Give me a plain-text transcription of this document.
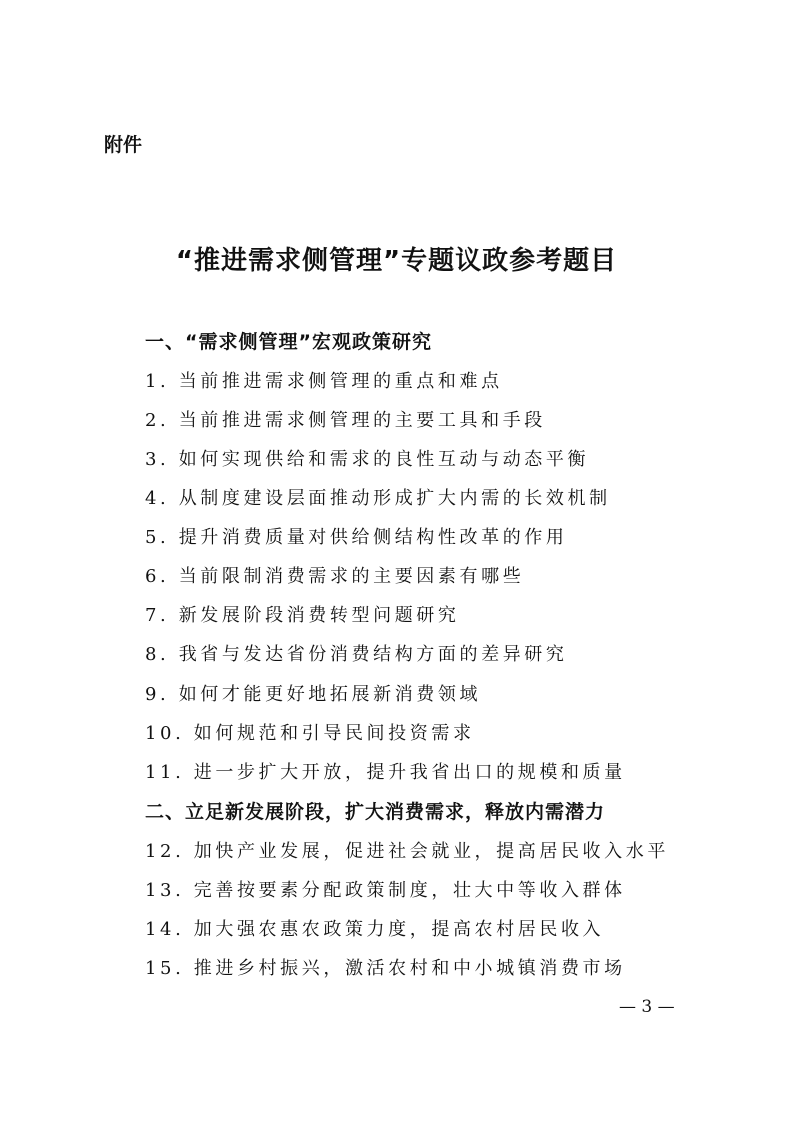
附件
“推进需求侧管理”专题议政参考题目
一、“需求侧管理”宏观政策研究
1. 当前推进需求侧管理的重点和难点
2. 当前推进需求侧管理的主要工具和手段
3. 如何实现供给和需求的良性互动与动态平衡
4. 从制度建设层面推动形成扩大内需的长效机制
5. 提升消费质量对供给侧结构性改革的作用
6. 当前限制消费需求的主要因素有哪些
7. 新发展阶段消费转型问题研究
8. 我省与发达省份消费结构方面的差异研究
9. 如何才能更好地拓展新消费领域
10. 如何规范和引导民间投资需求
11. 进一步扩大开放，提升我省出口的规模和质量
二、立足新发展阶段，扩大消费需求，释放内需潜力
12. 加快产业发展，促进社会就业，提高居民收入水平
13. 完善按要素分配政策制度，壮大中等收入群体
14. 加大强农惠农政策力度，提高农村居民收入
15. 推进乡村振兴，激活农村和中小城镇消费市场
— 3 —
